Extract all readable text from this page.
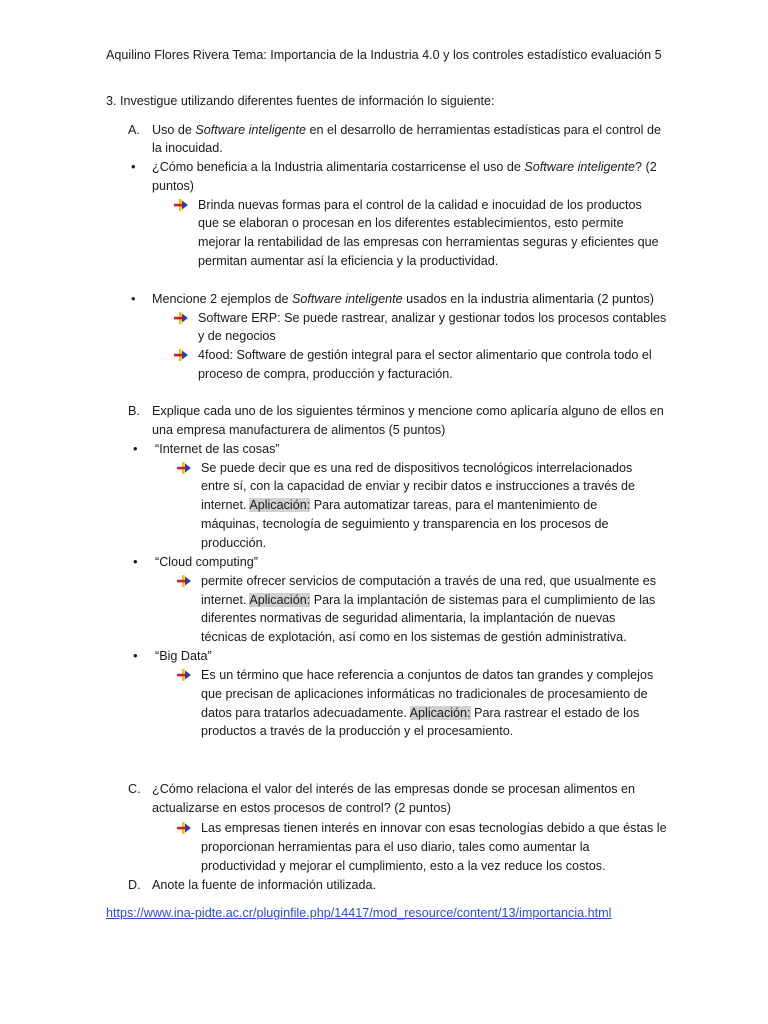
Aquilino Flores Rivera Tema: Importancia de la Industria 4.0 y los controles estadístico evaluación 5
3. Investigue utilizando diferentes fuentes de información lo siguiente:
A. Uso de Software inteligente en el desarrollo de herramientas estadísticas para el control de
la inocuidad.
• ¿Cómo beneficia a la Industria alimentaria costarricense el uso de Software inteligente? (2
puntos)
Brinda nuevas formas para el control de la calidad e inocuidad de los productos
que se elaboran o procesan en los diferentes establecimientos, esto permite
mejorar la rentabilidad de las empresas con herramientas seguras y eficientes que
permitan aumentar así la eficiencia y la productividad.
• Mencione 2 ejemplos de Software inteligente usados en la industria alimentaria (2 puntos)
Software ERP: Se puede rastrear, analizar y gestionar todos los procesos contables
y de negocios
4food: Software de gestión integral para el sector alimentario que controla todo el
proceso de compra, producción y facturación.
B. Explique cada uno de los siguientes términos y mencione como aplicaría alguno de ellos en
una empresa manufacturera de alimentos (5 puntos)
• “Internet de las cosas”
Se puede decir que es una red de dispositivos tecnológicos interrelacionados
entre sí, con la capacidad de enviar y recibir datos e instrucciones a través de
internet. Aplicación: Para automatizar tareas, para el mantenimiento de
máquinas, tecnología de seguimiento y transparencia en los procesos de
producción.
• “Cloud computing”
permite ofrecer servicios de computación a través de una red, que usualmente es
internet. Aplicación: Para la implantación de sistemas para el cumplimiento de las
diferentes normativas de seguridad alimentaria, la implantación de nuevas
técnicas de explotación, así como en los sistemas de gestión administrativa.
• “Big Data”
Es un término que hace referencia a conjuntos de datos tan grandes y complejos
que precisan de aplicaciones informáticas no tradicionales de procesamiento de
datos para tratarlos adecuadamente. Aplicación: Para rastrear el estado de los
productos a través de la producción y el procesamiento.
C. ¿Cómo relaciona el valor del interés de las empresas donde se procesan alimentos en
actualizarse en estos procesos de control? (2 puntos)
Las empresas tienen interés en innovar con esas tecnologías debido a que éstas le
proporcionan herramientas para el uso diario, tales como aumentar la
productividad y mejorar el cumplimiento, esto a la vez reduce los costos.
D. Anote la fuente de información utilizada.
https://www.ina-pidte.ac.cr/pluginfile.php/14417/mod_resource/content/13/importancia.html
